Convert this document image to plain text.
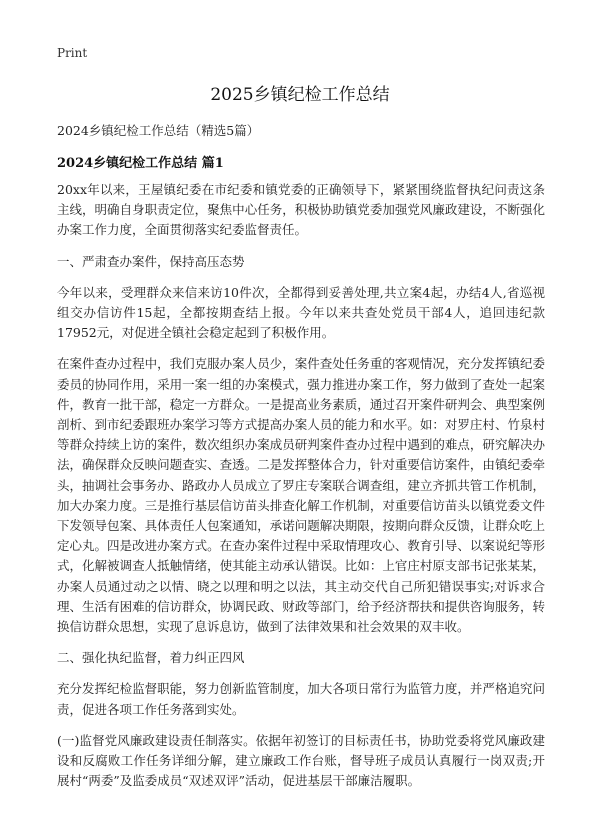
Print
2025乡镇纪检工作总结
2024乡镇纪检工作总结（精选5篇）
2024乡镇纪检工作总结 篇1

20xx年以来，王屋镇纪委在市纪委和镇党委的正确领导下，紧紧围绕监督执纪问责这条主线，明确自身职责定位，聚焦中心任务，积极协助镇党委加强党风廉政建设，不断强化办案工作力度，全面贯彻落实纪委监督责任。

一、严肃查办案件，保持高压态势

今年以来，受理群众来信来访10件次，全都得到妥善处理,共立案4起，办结4人,省巡视组交办信访件15起，全都按期查结上报。今年以来共查处党员干部4人，追回违纪款17952元，对促进全镇社会稳定起到了积极作用。

在案件查办过程中，我们克服办案人员少，案件查处任务重的客观情况，充分发挥镇纪委委员的协同作用，采用一案一组的办案模式，强力推进办案工作，努力做到了查处一起案件，教育一批干部，稳定一方群众。一是提高业务素质，通过召开案件研判会、典型案例剖析、到市纪委跟班办案学习等方式提高办案人员的能力和水平。如：对罗庄村、竹泉村等群众持续上访的案件，数次组织办案成员研判案件查办过程中遇到的难点，研究解决办法，确保群众反映问题查实、查透。二是发挥整体合力，针对重要信访案件，由镇纪委牵头，抽调社会事务办、路政办人员成立了罗庄专案联合调查组，建立齐抓共管工作机制，加大办案力度。三是推行基层信访苗头排查化解工作机制，对重要信访苗头以镇党委文件下发领导包案、具体责任人包案通知，承诺问题解决期限，按期向群众反馈，让群众吃上定心丸。四是改进办案方式。在查办案件过程中采取情理攻心、教育引导、以案说纪等形式，化解被调查人抵触情绪，使其能主动承认错误。比如：上官庄村原支部书记张某某，办案人员通过动之以情、晓之以理和明之以法，其主动交代自己所犯错误事实;对诉求合理、生活有困难的信访群众，协调民政、财政等部门，给予经济帮扶和提供咨询服务，转换信访群众思想，实现了息诉息访，做到了法律效果和社会效果的双丰收。

二、强化执纪监督，着力纠正四风

充分发挥纪检监督职能，努力创新监管制度，加大各项日常行为监管力度，并严格追究问责，促进各项工作任务落到实处。

(一)监督党风廉政建设责任制落实。依据年初签订的目标责任书，协助党委将党风廉政建设和反腐败工作任务详细分解，建立廉政工作台账，督导班子成员认真履行一岗双责;开展村“两委”及监委成员“双述双评”活动，促进基层干部廉洁履职。
